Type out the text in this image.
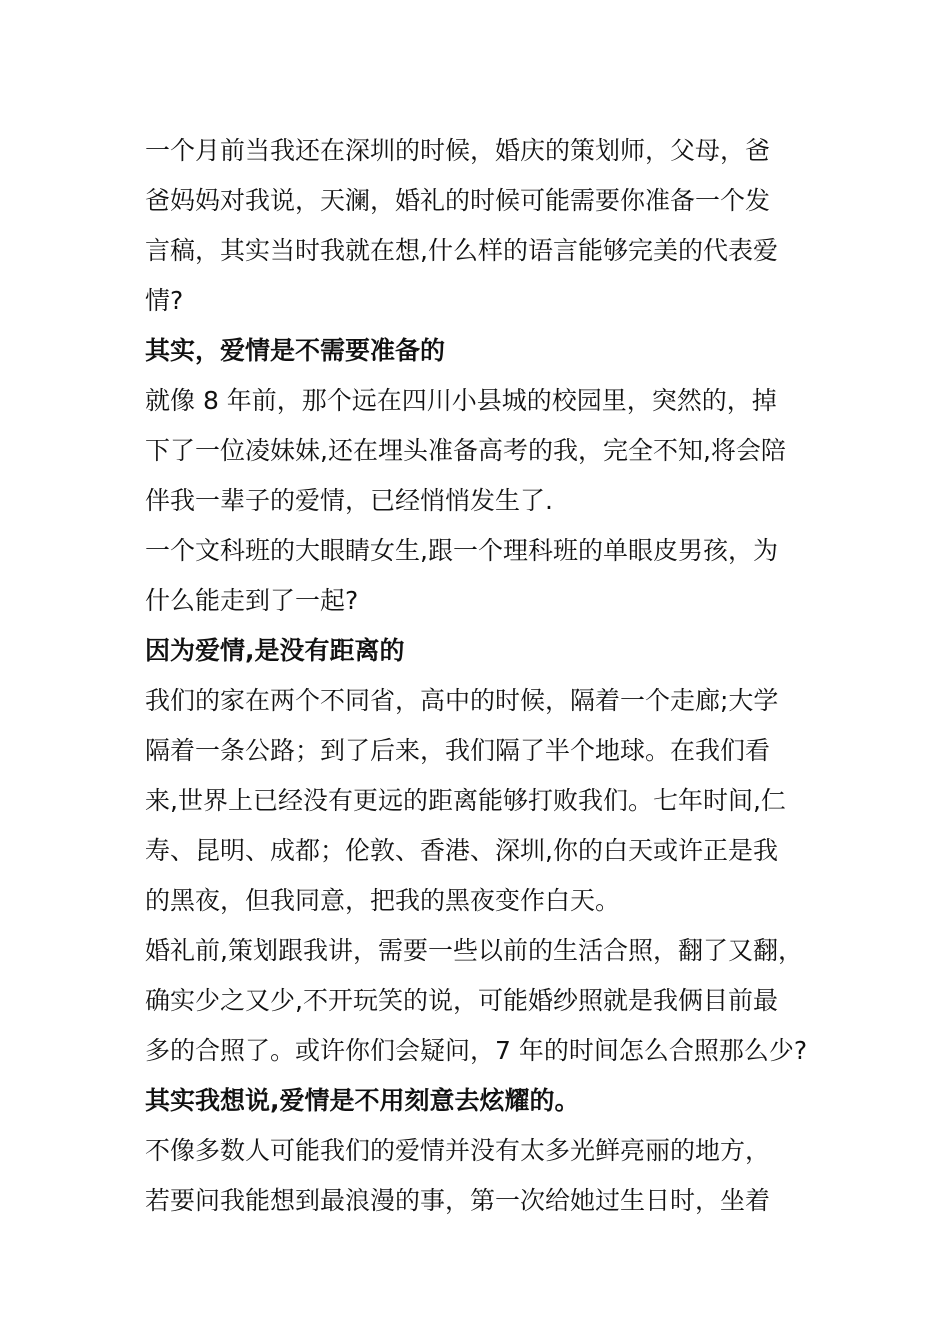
一个月前当我还在深圳的时候，婚庆的策划师，父母，爸
爸妈妈对我说，天澜，婚礼的时候可能需要你准备一个发
言稿，其实当时我就在想,什么样的语言能够完美的代表爱
情?
其实，爱情是不需要准备的
就像 8 年前，那个远在四川小县城的校园里，突然的，掉
下了一位凌妹妹,还在埋头准备高考的我，完全不知,将会陪
伴我一辈子的爱情，已经悄悄发生了.
一个文科班的大眼睛女生,跟一个理科班的单眼皮男孩，为
什么能走到了一起?
因为爱情,是没有距离的
我们的家在两个不同省，高中的时候，隔着一个走廊;大学
隔着一条公路；到了后来，我们隔了半个地球。在我们看
来,世界上已经没有更远的距离能够打败我们。七年时间,仁
寿、昆明、成都；伦敦、香港、深圳,你的白天或许正是我
的黑夜，但我同意，把我的黑夜变作白天。
婚礼前,策划跟我讲，需要一些以前的生活合照，翻了又翻，
确实少之又少,不开玩笑的说，可能婚纱照就是我俩目前最
多的合照了。或许你们会疑问，7 年的时间怎么合照那么少?
其实我想说,爱情是不用刻意去炫耀的。
不像多数人可能我们的爱情并没有太多光鲜亮丽的地方，
若要问我能想到最浪漫的事，第一次给她过生日时，坐着
